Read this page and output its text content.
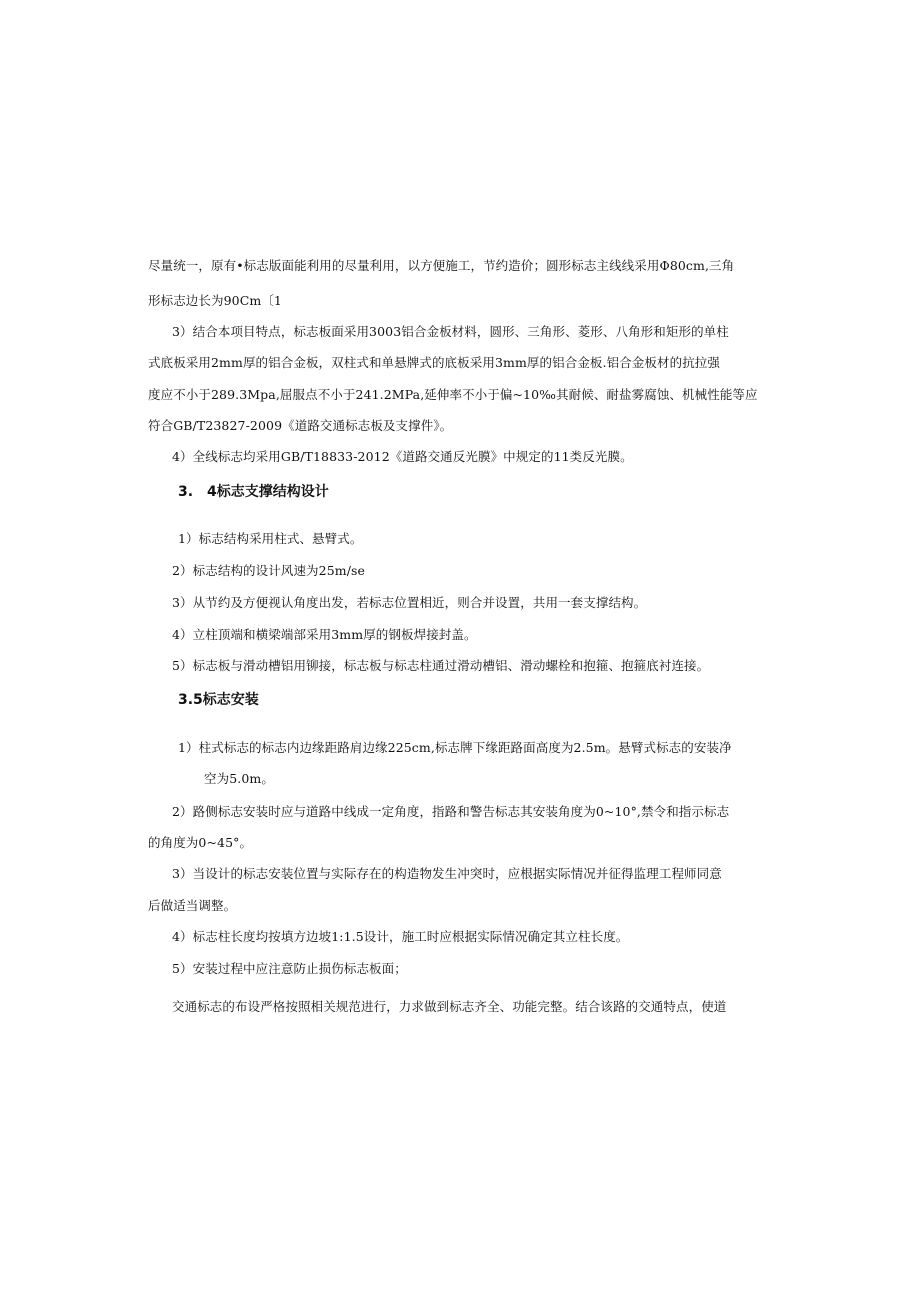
尽量统一，原有•标志版面能利用的尽量利用，以方便施工，节约造价；圆形标志主线线采用Φ80cm,三角
形标志边长为90Cm〔1
3）结合本项目特点，标志板面采用3003铝合金板材料，圆形、三角形、菱形、八角形和矩形的单柱
式底板采用2mm厚的铝合金板，双柱式和单悬牌式的底板采用3mm厚的铝合金板.铝合金板材的抗拉强
度应不小于289.3Mpa,屈服点不小于241.2MPa,延伸率不小于偏~10‰其耐候、耐盐雾腐蚀、机械性能等应
符合GB/T23827-2009《道路交通标志板及支撑件》。
4）全线标志均采用GB/T18833-2012《道路交通反光膜》中规定的11类反光膜。
3.　4标志支撑结构设计
1）标志结构采用柱式、悬臂式。
2）标志结构的设计风速为25m∕se
3）从节约及方便视认角度出发，若标志位置相近，则合并设置，共用一套支撑结构。
4）立柱顶端和横梁端部采用3mm厚的钢板焊接封盖。
5）标志板与滑动槽铝用铆接，标志板与标志柱通过滑动槽铝、滑动螺栓和抱箍、抱箍底衬连接。
3.5标志安装
1）柱式标志的标志内边缘距路肩边缘225cm,标志牌下缘距路面高度为2.5m。悬臂式标志的安装净
空为5.0m。
2）路侧标志安装时应与道路中线成一定角度，指路和警告标志其安装角度为0~10°,禁令和指示标志
的角度为0~45°。
3）当设计的标志安装位置与实际存在的构造物发生冲突时，应根据实际情况并征得监理工程师同意
后做适当调整。
4）标志柱长度均按填方边坡1:1.5设计，施工时应根据实际情况确定其立柱长度。
5）安装过程中应注意防止损伤标志板面；
交通标志的布设严格按照相关规范进行，力求做到标志齐全、功能完整。结合该路的交通特点，使道
